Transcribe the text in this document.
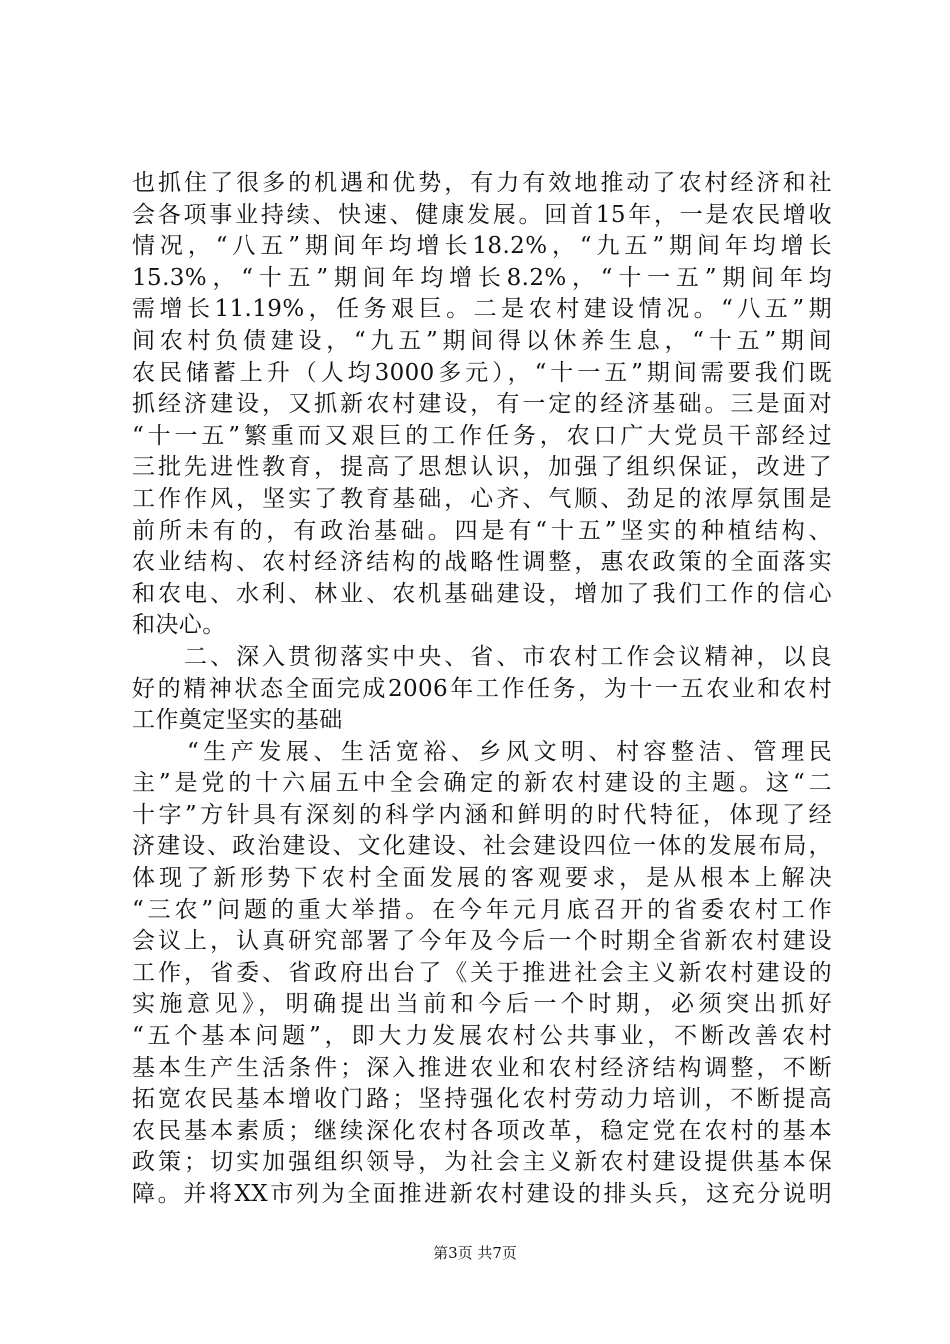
也抓住了很多的机遇和优势，有力有效地推动了农村经济和社
会各项事业持续、快速、健康发展。回首15年，一是农民增收
情况，“八五”期间年均增长18.2%，“九五”期间年均增长
15.3%，“十五”期间年均增长8.2%，“十一五”期间年均
需增长11.19%，任务艰巨。二是农村建设情况。“八五”期
间农村负债建设，“九五”期间得以休养生息，“十五”期间
农民储蓄上升（人均3000多元），“十一五”期间需要我们既
抓经济建设，又抓新农村建设，有一定的经济基础。三是面对
“十一五”繁重而又艰巨的工作任务，农口广大党员干部经过
三批先进性教育，提高了思想认识，加强了组织保证，改进了
工作作风，坚实了教育基础，心齐、气顺、劲足的浓厚氛围是
前所未有的，有政治基础。四是有“十五”坚实的种植结构、
农业结构、农村经济结构的战略性调整，惠农政策的全面落实
和农电、水利、林业、农机基础建设，增加了我们工作的信心
和决心。
　　二、深入贯彻落实中央、省、市农村工作会议精神，以良
好的精神状态全面完成2006年工作任务，为十一五农业和农村
工作奠定坚实的基础
　　“生产发展、生活宽裕、乡风文明、村容整洁、管理民
主”是党的十六届五中全会确定的新农村建设的主题。这“二
十字”方针具有深刻的科学内涵和鲜明的时代特征，体现了经
济建设、政治建设、文化建设、社会建设四位一体的发展布局，
体现了新形势下农村全面发展的客观要求，是从根本上解决
“三农”问题的重大举措。在今年元月底召开的省委农村工作
会议上，认真研究部署了今年及今后一个时期全省新农村建设
工作，省委、省政府出台了《关于推进社会主义新农村建设的
实施意见》，明确提出当前和今后一个时期，必须突出抓好
“五个基本问题”，即大力发展农村公共事业，不断改善农村
基本生产生活条件；深入推进农业和农村经济结构调整，不断
拓宽农民基本增收门路；坚持强化农村劳动力培训，不断提高
农民基本素质；继续深化农村各项改革，稳定党在农村的基本
政策；切实加强组织领导，为社会主义新农村建设提供基本保
障。并将XX市列为全面推进新农村建设的排头兵，这充分说明
第3页 共7页
